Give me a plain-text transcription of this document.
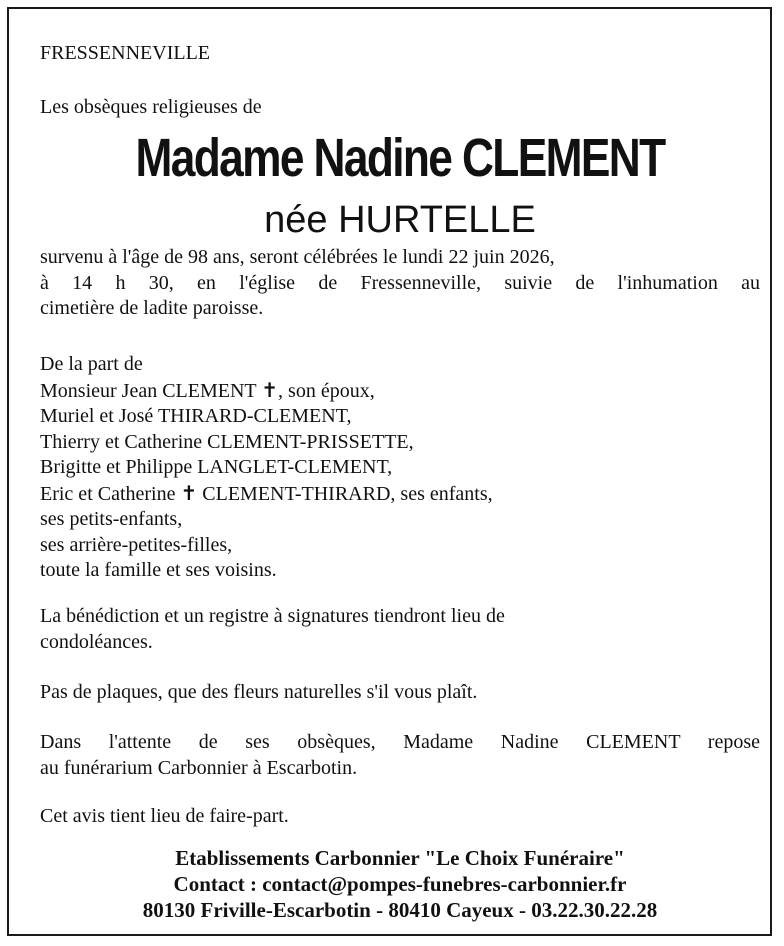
FRESSENNEVILLE
Les obsèques religieuses de
Madame Nadine CLEMENT
née HURTELLE
survenu à l'âge de 98 ans, seront célébrées le lundi 22 juin 2026,
à 14 h 30, en l'église de Fressenneville, suivie de l'inhumation au
cimetière de ladite paroisse.
De la part de
Monsieur Jean CLEMENT ✝, son époux,
Muriel et José THIRARD-CLEMENT,
Thierry et Catherine CLEMENT-PRISSETTE,
Brigitte et Philippe LANGLET-CLEMENT,
Eric et Catherine ✝ CLEMENT-THIRARD, ses enfants,
ses petits-enfants,
ses arrière-petites-filles,
toute la famille et ses voisins.
La bénédiction et un registre à signatures tiendront lieu de
condoléances.
Pas de plaques, que des fleurs naturelles s'il vous plaît.
Dans l'attente de ses obsèques, Madame Nadine CLEMENT repose
au funérarium Carbonnier à Escarbotin.
Cet avis tient lieu de faire-part.
Etablissements Carbonnier "Le Choix Funéraire"
Contact : contact@pompes-funebres-carbonnier.fr
80130 Friville-Escarbotin - 80410 Cayeux - 03.22.30.22.28
